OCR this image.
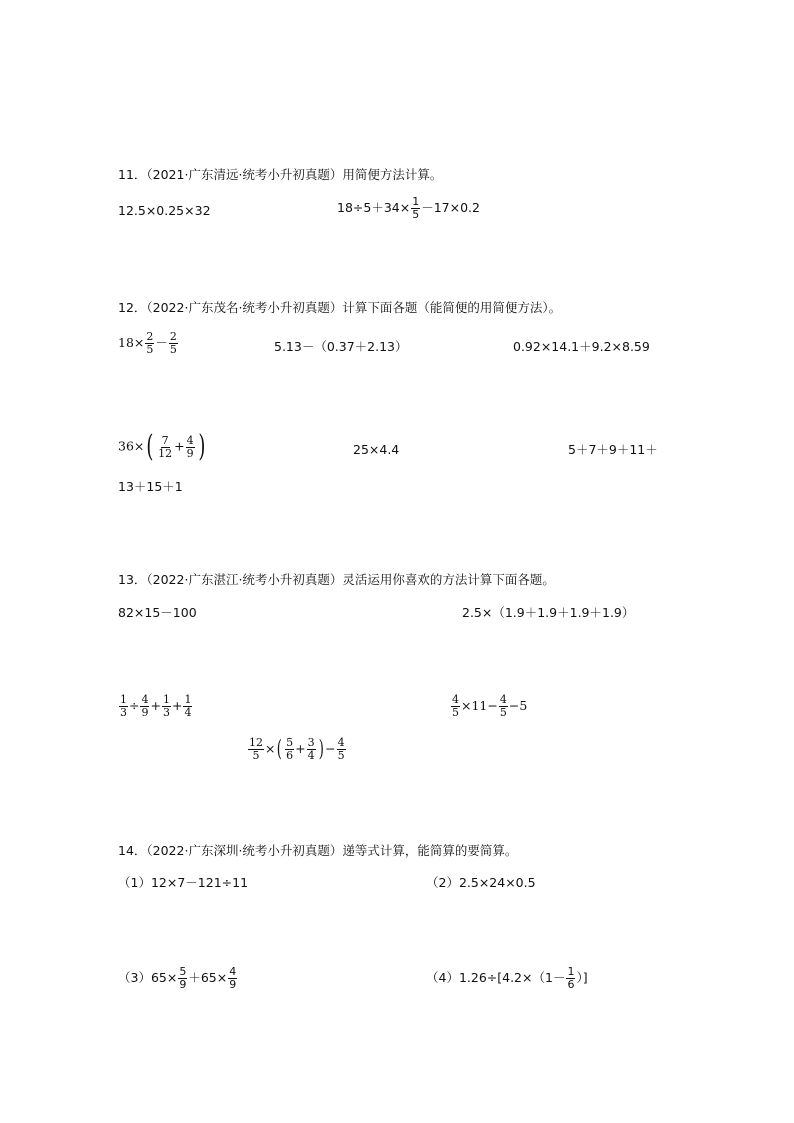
11．（2021·广东清远·统考小升初真题）用简便方法计算。
12.5×0.25×32	$18\div 5+34\times \frac{1}{5} -17\times 0.2$
12．（2022·广东茂名·统考小升初真题）计算下面各题（能简便的用简便方法）。
$18\times \frac{2}{5} - \frac{2}{5}$	5.13－（0.37＋2.13）	0.92×14.1＋9.2×8.59
$36\times( \frac{7}{12} + \frac{4}{9}$ )	25×4.4	5＋7＋9＋11＋
13＋15＋1
13．（2022·广东湛江·统考小升初真题）灵活运用你喜欢的方法计算下面各题。
82×15－100	2.5×（1.9＋1.9＋1.9＋1.9）
$\frac{1}{3} \div \frac{4}{9} + \frac{1}{3} + \frac{1}{4}$	$\frac{4}{5} \times 11- \frac{4}{5} -5$
$\frac{12}{5}$ ×( $\frac{5}{6} + \frac{3}{4}$ ) − $\frac{4}{5}$
14．（2022·广东深圳·统考小升初真题）递等式计算，能简算的要简算。
（1）12×7－121÷11	（2）2.5×24×0.5
$(3)65\times \frac{5}{9} +65\times \frac{4}{9}$	$(4)1.26\div[4.2\times(1- \frac{1}{6}$ ）]
